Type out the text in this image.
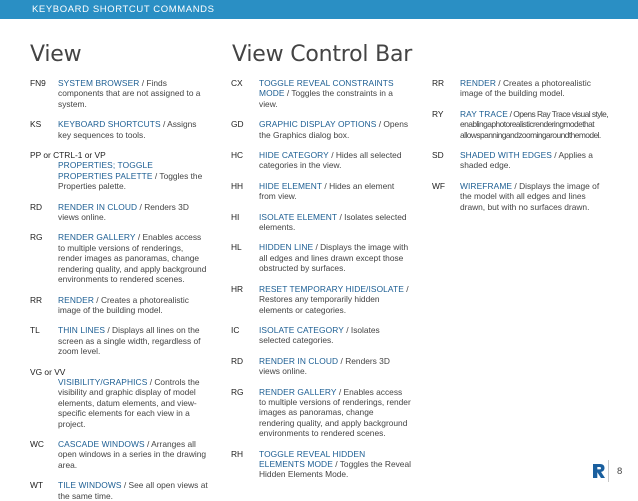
KEYBOARD SHORTCUT COMMANDS
View	View Control Bar
FN9 SYSTEM BROWSER / Finds components that are not assigned to a system.
KS KEYBOARD SHORTCUTS / Assigns key sequences to tools.
PP or CTRL-1 or VP
PROPERTIES; TOGGLE PROPERTIES PALETTE / Toggles the Properties palette.
RD RENDER IN CLOUD / Renders 3D views online.
RG RENDER GALLERY / Enables access to multiple versions of renderings, render images as panoramas, change rendering quality, and apply background environments to rendered scenes.
RR RENDER / Creates a photorealistic image of the building model.
TL THIN LINES / Displays all lines on the screen as a single width, regardless of zoom level.
VG or VV
VISIBILITY/GRAPHICS / Controls the visibility and graphic display of model elements, datum elements, and view-specific elements for each view in a project.
WC CASCADE WINDOWS / Arranges all open windows in a series in the drawing area.
WT TILE WINDOWS / See all open views at the same time.
CX TOGGLE REVEAL CONSTRAINTS MODE / Toggles the constraints in a view.
GD GRAPHIC DISPLAY OPTIONS / Opens the Graphics dialog box.
HC HIDE CATEGORY / Hides all selected categories in the view.
HH HIDE ELEMENT / Hides an element from view.
HI ISOLATE ELEMENT / Isolates selected elements.
HL HIDDEN LINE / Displays the image with all edges and lines drawn except those obstructed by surfaces.
HR RESET TEMPORARY HIDE/ISOLATE / Restores any temporarily hidden elements or categories.
IC ISOLATE CATEGORY / Isolates selected categories.
RD RENDER IN CLOUD / Renders 3D views online.
RG RENDER GALLERY / Enables access to multiple versions of renderings, render images as panoramas, change rendering quality, and apply background environments to rendered scenes.
RH TOGGLE REVEAL HIDDEN ELEMENTS MODE / Toggles the Reveal Hidden Elements Mode.
RR RENDER / Creates a photorealistic image of the building model.
RY RAY TRACE / Opens Ray Trace visual style, enablingaphotorealisticrenderingmodethat allowspanningandzoomingaroundthemodel.
SD SHADED WITH EDGES / Applies a shaded edge.
WF WIREFRAME / Displays the image of the model with all edges and lines drawn, but with no surfaces drawn.
8
